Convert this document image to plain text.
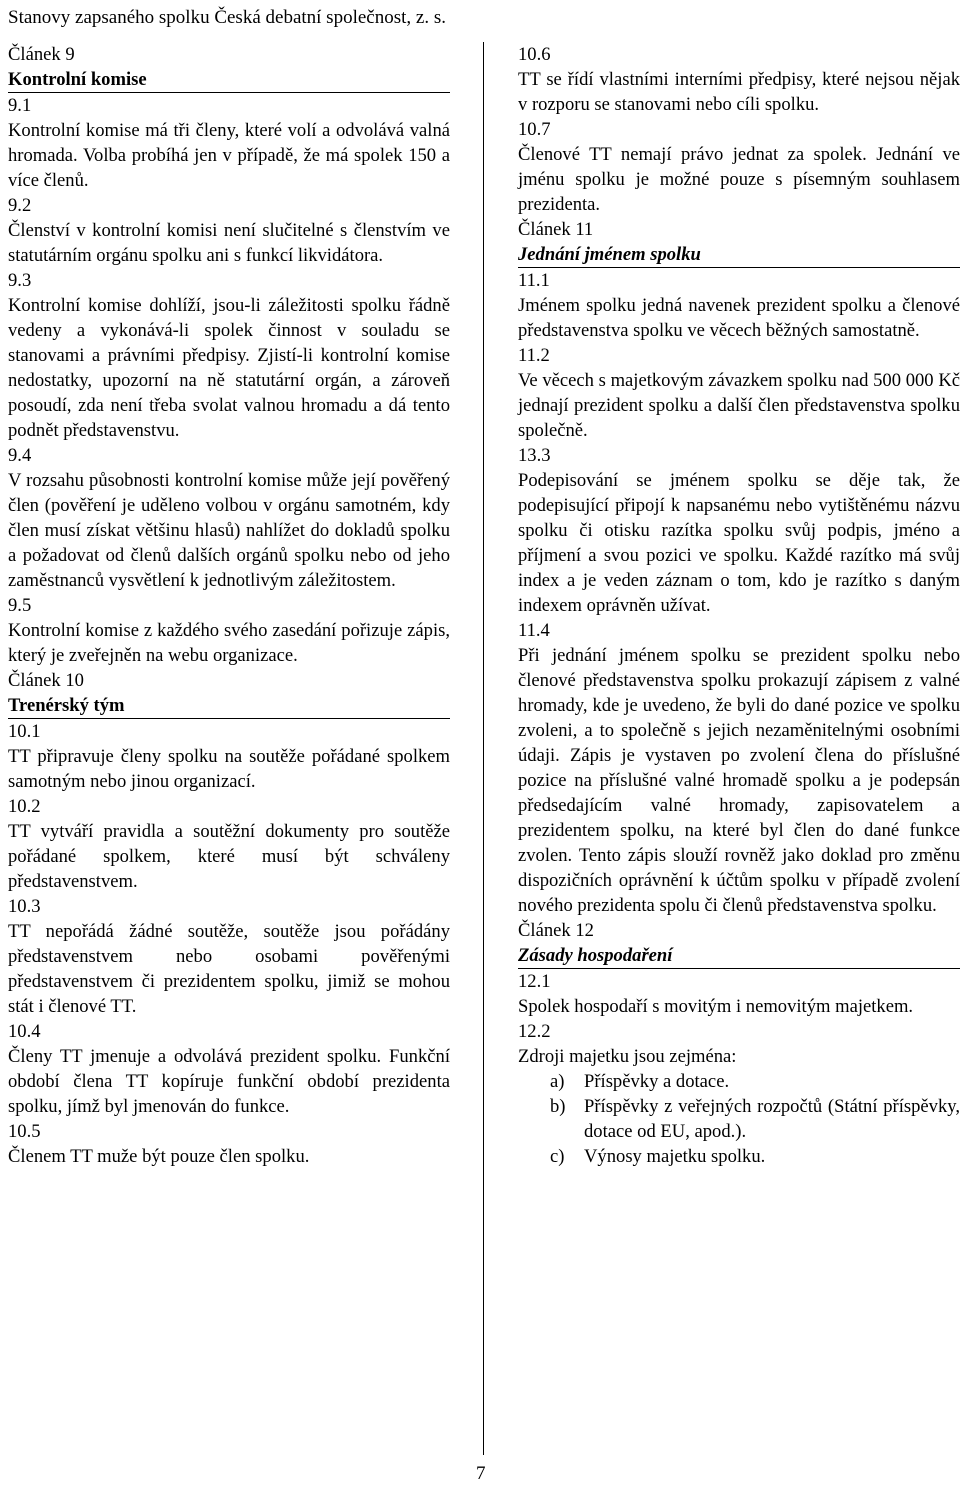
Stanovy zapsaného spolku Česká debatní společnost, z. s.

Článek 9

Kontrolní komise

9.1

Kontrolní komise má tři členy, které volí a odvolává valná hromada. Volba probíhá jen v případě, že má spolek 150 a více členů.

9.2

Členství v kontrolní komisi není slučitelné s členstvím ve statutárním orgánu spolku ani s funkcí likvidátora.

9.3

Kontrolní komise dohlíží, jsou-li záležitosti spolku řádně vedeny a vykonává-li spolek činnost v souladu se stanovami a právními předpisy. Zjistí-li kontrolní komise nedostatky, upozorní na ně statutární orgán, a zároveň posoudí, zda není třeba svolat valnou hromadu a dá tento podnět představenstvu.

9.4

V rozsahu působnosti kontrolní komise může její pověřený člen (pověření je uděleno volbou v orgánu samotném, kdy člen musí získat většinu hlasů) nahlížet do dokladů spolku a požadovat od členů dalších orgánů spolku nebo od jeho zaměstnanců vysvětlení k jednotlivým záležitostem.

9.5

Kontrolní komise z každého svého zasedání pořizuje zápis, který je zveřejněn na webu organizace.

Článek 10

Trenérský tým

10.1

TT připravuje členy spolku na soutěže pořádané spolkem samotným nebo jinou organizací.

10.2

TT vytváří pravidla a soutěžní dokumenty pro soutěže pořádané spolkem, které musí být schváleny představenstvem.

10.3

TT nepořádá žádné soutěže, soutěže jsou pořádány představenstvem nebo osobami pověřenými představenstvem či prezidentem spolku, jimiž se mohou stát i členové TT.

10.4

Členy TT jmenuje a odvolává prezident spolku. Funkční období člena TT kopíruje funkční období prezidenta spolku, jímž byl jmenován do funkce.

10.5

Členem TT muže být pouze člen spolku.

10.6

TT se řídí vlastními interními předpisy, které nejsou nějak v rozporu se stanovami nebo cíli spolku.

10.7

Členové TT nemají právo jednat za spolek. Jednání ve jménu spolku je možné pouze s písemným souhlasem prezidenta.

Článek 11

Jednání jménem spolku

11.1

Jménem spolku jedná navenek prezident spolku a členové představenstva spolku ve věcech běžných samostatně.

11.2

Ve věcech s majetkovým závazkem spolku nad 500 000 Kč jednají prezident spolku a další člen představenstva spolku společně.

13.3

Podepisování se jménem spolku se děje tak, že podepisující připojí k napsanému nebo vytištěnému názvu spolku či otisku razítka spolku svůj podpis, jméno a příjmení a svou pozici ve spolku. Každé razítko má svůj index a je veden záznam o tom, kdo je razítko s daným indexem oprávněn užívat.

11.4

Při jednání jménem spolku se prezident spolku nebo členové představenstva spolku prokazují zápisem z valné hromady, kde je uvedeno, že byli do dané pozice ve spolku zvoleni, a to společně s jejich nezaměnitelnými osobními údaji. Zápis je vystaven po zvolení člena do příslušné pozice na příslušné valné hromadě spolku a je podepsán předsedajícím valné hromady, zapisovatelem a prezidentem spolku, na které byl člen do dané funkce zvolen. Tento zápis slouží rovněž jako doklad pro změnu dispozičních oprávnění k účtům spolku v případě zvolení nového prezidenta spolu či členů představenstva spolku.

Článek 12

Zásady hospodaření

12.1

Spolek hospodaří s movitým i nemovitým majetkem.

12.2

Zdroji majetku jsou zejména:

a) Příspěvky a dotace.
b) Příspěvky z veřejných rozpočtů (Státní příspěvky, dotace od EU, apod.).
c) Výnosy majetku spolku.
7
